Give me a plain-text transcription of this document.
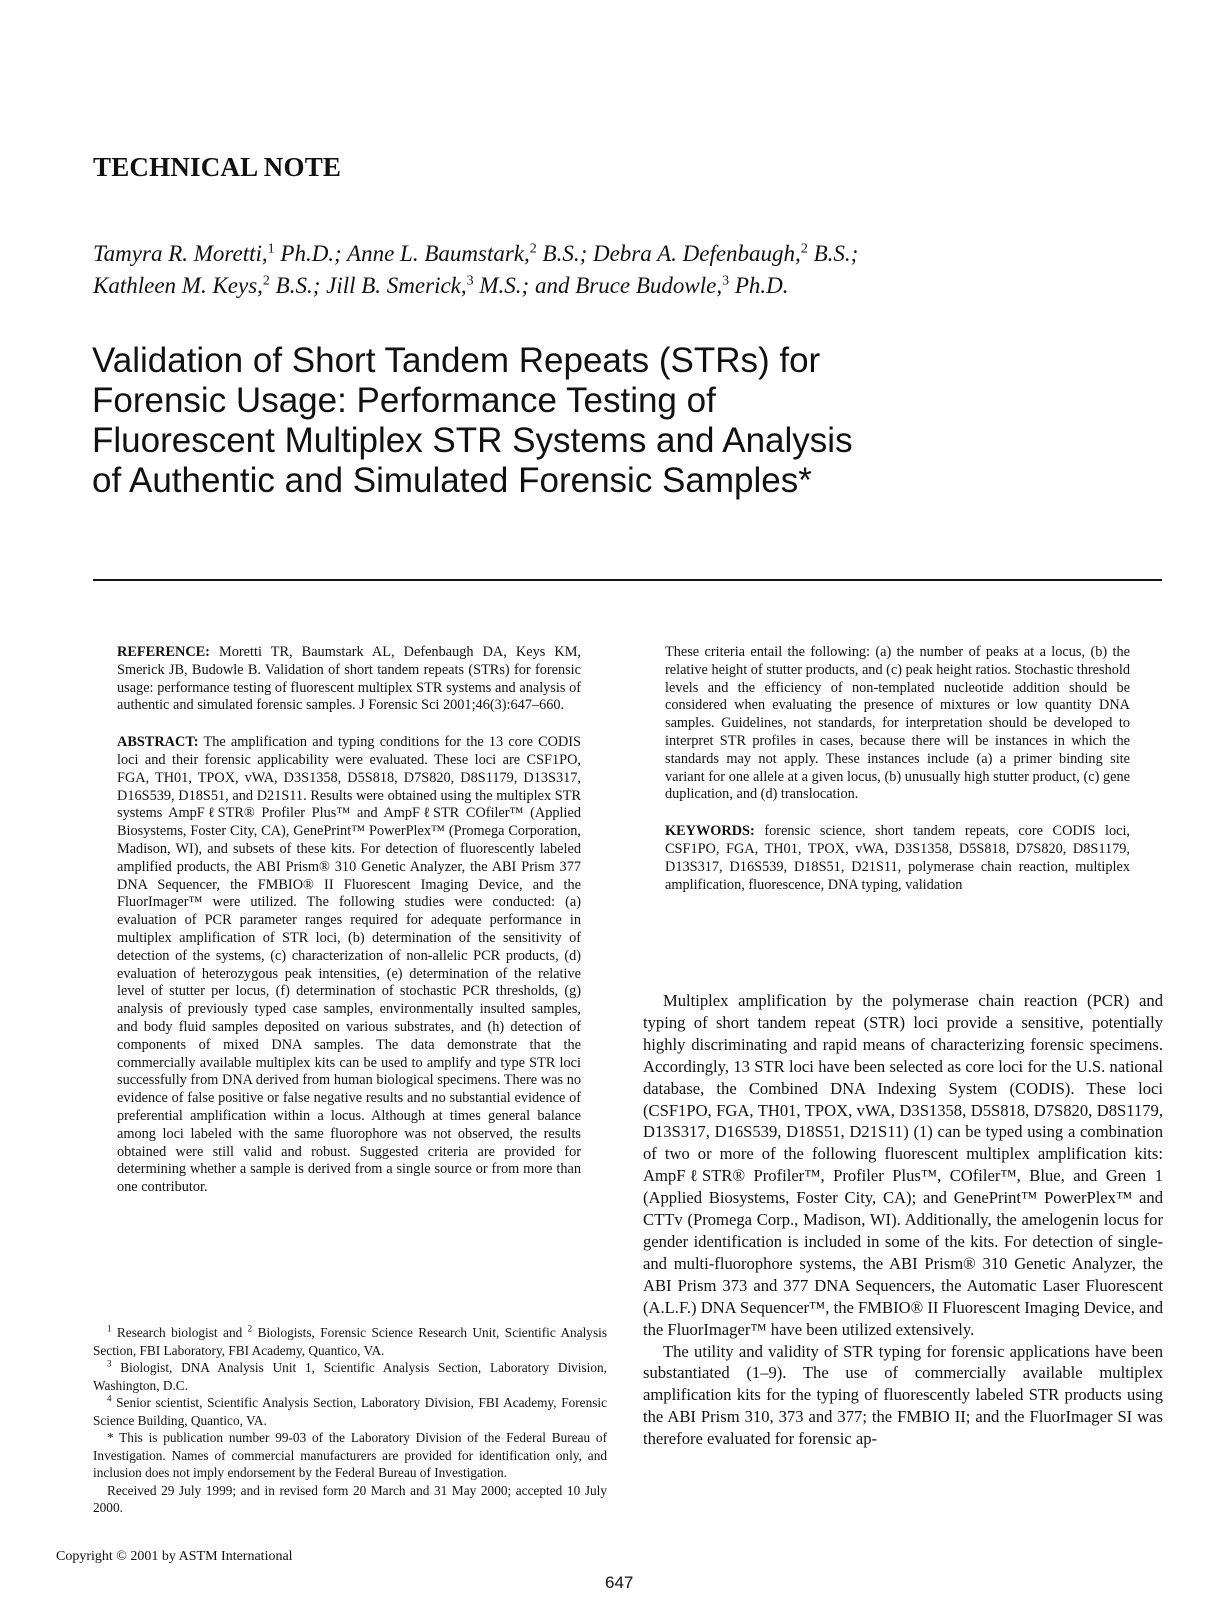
TECHNICAL NOTE
Tamyra R. Moretti,$^1$ Ph.D.; Anne L. Baumstark,$^2$ B.S.; Debra A. Defenbaugh,$^2$ B.S.;
Kathleen M. Keys,$^2$ B.S.; Jill B. Smerick,$^3$ M.S.; and Bruce Budowle,$^3$ Ph.D.
Validation of Short Tandem Repeats (STRs) for
Forensic Usage: Performance Testing of
Fluorescent Multiplex STR Systems and Analysis
of Authentic and Simulated Forensic Samples*

REFERENCE: Moretti TR, Baumstark AL, Defenbaugh DA, Keys KM, Smerick JB, Budowle B. Validation of short tandem repeats (STRs) for forensic usage: performance testing of fluorescent multiplex STR systems and analysis of authentic and simulated forensic samples. J Forensic Sci 2001;46(3):647–660.

ABSTRACT: The amplification and typing conditions for the 13 core CODIS loci and their forensic applicability were evaluated. These loci are CSF1PO, FGA, TH01, TPOX, vWA, D3S1358, D5S818, D7S820, D8S1179, D13S317, D16S539, D18S51, and D21S11. Results were obtained using the multiplex STR systems AmpFℓSTR® Profiler Plus™ and AmpFℓSTR COfiler™ (Applied Biosystems, Foster City, CA), GenePrint™ PowerPlex™ (Promega Corporation, Madison, WI), and subsets of these kits. For detection of fluorescently labeled amplified products, the ABI Prism® 310 Genetic Analyzer, the ABI Prism 377 DNA Sequencer, the FMBIO® II Fluorescent Imaging Device, and the FluorImager™ were utilized. The following studies were conducted: (a) evaluation of PCR parameter ranges required for adequate performance in multiplex amplification of STR loci, (b) determination of the sensitivity of detection of the systems, (c) characterization of non-allelic PCR products, (d) evaluation of heterozygous peak intensities, (e) determination of the relative level of stutter per locus, (f) determination of stochastic PCR thresholds, (g) analysis of previously typed case samples, environmentally insulted samples, and body fluid samples deposited on various substrates, and (h) detection of components of mixed DNA samples. The data demonstrate that the commercially available multiplex kits can be used to amplify and type STR loci successfully from DNA derived from human biological specimens. There was no evidence of false positive or false negative results and no substantial evidence of preferential amplification within a locus. Although at times general balance among loci labeled with the same fluorophore was not observed, the results obtained were still valid and robust. Suggested criteria are provided for determining whether a sample is derived from a single source or from more than one contributor.

These criteria entail the following: (a) the number of peaks at a locus, (b) the relative height of stutter products, and (c) peak height ratios. Stochastic threshold levels and the efficiency of non-templated nucleotide addition should be considered when evaluating the presence of mixtures or low quantity DNA samples. Guidelines, not standards, for interpretation should be developed to interpret STR profiles in cases, because there will be instances in which the standards may not apply. These instances include (a) a primer binding site variant for one allele at a given locus, (b) unusually high stutter product, (c) gene duplication, and (d) translocation.

KEYWORDS: forensic science, short tandem repeats, core CODIS loci, CSF1PO, FGA, TH01, TPOX, vWA, D3S1358, D5S818, D7S820, D8S1179, D13S317, D16S539, D18S51, D21S11, polymerase chain reaction, multiplex amplification, fluorescence, DNA typing, validation

Multiplex amplification by the polymerase chain reaction (PCR) and typing of short tandem repeat (STR) loci provide a sensitive, potentially highly discriminating and rapid means of characterizing forensic specimens. Accordingly, 13 STR loci have been selected as core loci for the U.S. national database, the Combined DNA Indexing System (CODIS). These loci (CSF1PO, FGA, TH01, TPOX, vWA, D3S1358, D5S818, D7S820, D8S1179, D13S317, D16S539, D18S51, D21S11) (1) can be typed using a combination of two or more of the following fluorescent multiplex amplification kits: AmpFℓSTR® Profiler™, Profiler Plus™, COfiler™, Blue, and Green 1 (Applied Biosystems, Foster City, CA); and GenePrint™ PowerPlex™ and CTTv (Promega Corp., Madison, WI). Additionally, the amelogenin locus for gender identification is included in some of the kits. For detection of single- and multi-fluorophore systems, the ABI Prism® 310 Genetic Analyzer, the ABI Prism 373 and 377 DNA Sequencers, the Automatic Laser Fluorescent (A.L.F.) DNA Sequencer™, the FMBIO® II Fluorescent Imaging Device, and the FluorImager™ have been utilized extensively.

The utility and validity of STR typing for forensic applications have been substantiated (1–9). The use of commercially available multiplex amplification kits for the typing of fluorescently labeled STR products using the ABI Prism 310, 373 and 377; the FMBIO II; and the FluorImager SI was therefore evaluated for forensic ap-

$^1$ Research biologist and $^2$ Biologists, Forensic Science Research Unit, Scientific Analysis Section, FBI Laboratory, FBI Academy, Quantico, VA.

$^3$ Biologist, DNA Analysis Unit 1, Scientific Analysis Section, Laboratory Division, Washington, D.C.

$^4$ Senior scientist, Scientific Analysis Section, Laboratory Division, FBI Academy, Forensic Science Building, Quantico, VA.

* This is publication number 99-03 of the Laboratory Division of the Federal Bureau of Investigation. Names of commercial manufacturers are provided for identification only, and inclusion does not imply endorsement by the Federal Bureau of Investigation.

Received 29 July 1999; and in revised form 20 March and 31 May 2000; accepted 10 July 2000.

Copyright © 2001 by ASTM International
647
